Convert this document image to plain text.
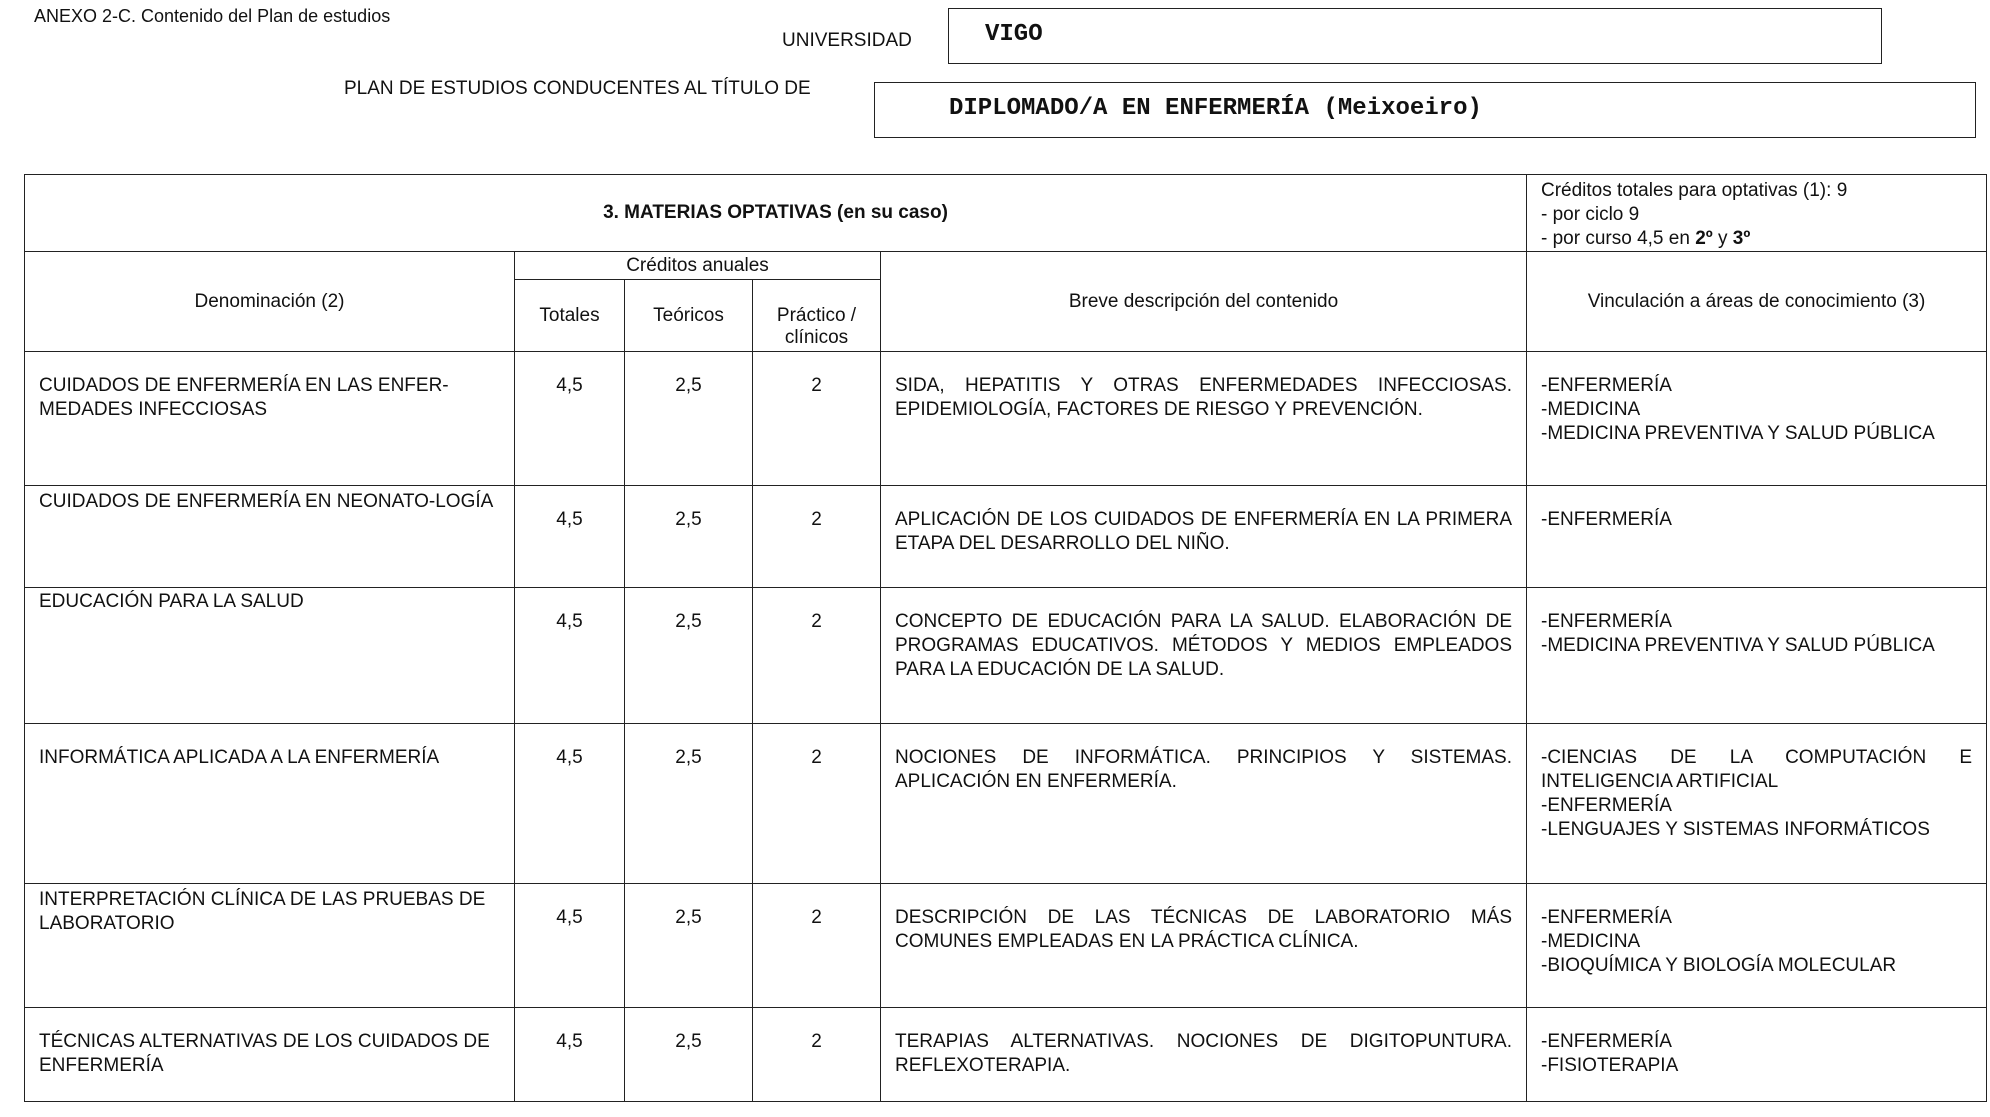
ANEXO 2-C. Contenido del Plan de estudios
UNIVERSIDAD	VIGO
PLAN DE ESTUDIOS CONDUCENTES AL TÍTULO DE
DIPLOMADO/A EN ENFERMERÍA (Meixoeiro)
3. MATERIAS OPTATIVAS (en su caso)					Créditos totales para optativas (1): 9
- por ciclo 9
- por curso 4,5 en 2º y 3º

Denominación (2)	Créditos anuales			Breve descripción del contenido	Vinculación a áreas de conocimiento (3)
	Totales	Teóricos	Práctico / clínicos		
CUIDADOS DE ENFERMERÍA EN LAS ENFER-MEDADES INFECCIOSAS	4,5	2,5	2	SIDA, HEPATITIS Y OTRAS ENFERMEDADES INFECCIOSAS. EPIDEMIOLOGÍA, FACTORES DE RIESGO Y PREVENCIÓN.	-ENFERMERÍA
-MEDICINA
-MEDICINA PREVENTIVA Y SALUD PÚBLICA

CUIDADOS DE ENFERMERÍA EN NEONATO-LOGÍA	4,5	2,5	2	APLICACIÓN DE LOS CUIDADOS DE ENFERMERÍA EN LA PRIMERA ETAPA DEL DESARROLLO DEL NIÑO.	-ENFERMERÍA

EDUCACIÓN PARA LA SALUD	4,5	2,5	2	CONCEPTO DE EDUCACIÓN PARA LA SALUD. ELABORACIÓN DE PROGRAMAS EDUCATIVOS. MÉTODOS Y MEDIOS EMPLEADOS PARA LA EDUCACIÓN DE LA SALUD.	-ENFERMERÍA
-MEDICINA PREVENTIVA Y SALUD PÚBLICA

INFORMÁTICA APLICADA A LA ENFERMERÍA	4,5	2,5	2	NOCIONES DE INFORMÁTICA. PRINCIPIOS Y SISTEMAS. APLICACIÓN EN ENFERMERÍA.	-CIENCIAS DE LA COMPUTACIÓN E INTELIGENCIA ARTIFICIAL
-ENFERMERÍA
-LENGUAJES Y SISTEMAS INFORMÁTICOS

INTERPRETACIÓN CLÍNICA DE LAS PRUEBAS DE LABORATORIO	4,5	2,5	2	DESCRIPCIÓN DE LAS TÉCNICAS DE LABORATORIO MÁS COMUNES EMPLEADAS EN LA PRÁCTICA CLÍNICA.	-ENFERMERÍA
-MEDICINA
-BIOQUÍMICA Y BIOLOGÍA MOLECULAR

TÉCNICAS ALTERNATIVAS DE LOS CUIDADOS DE ENFERMERÍA	4,5	2,5	2	TERAPIAS ALTERNATIVAS. NOCIONES DE DIGITOPUNTURA. REFLEXOTERAPIA.	-ENFERMERÍA
-FISIOTERAPIA
